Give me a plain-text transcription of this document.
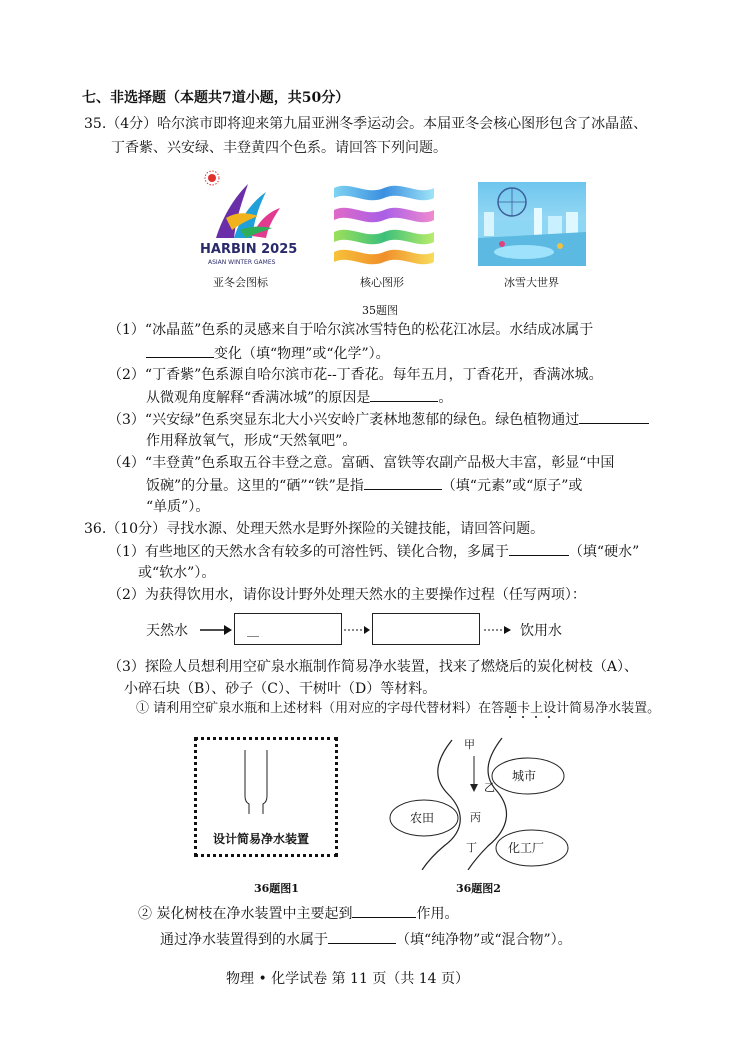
七、非选择题（本题共7道小题，共50分）
35.（4分）哈尔滨市即将迎来第九届亚洲冬季运动会。本届亚冬会核心图形包含了冰晶蓝、
丁香紫、兴安绿、丰登黄四个色系。请回答下列问题。
HARBIN 2025
ASIAN WINTER GAMES
亚冬会图标	核心图形	冰雪大世界
35题图
（1）“冰晶蓝”色系的灵感来自于哈尔滨冰雪特色的松花江冰层。水结成冰属于
变化（填“物理”或“化学”）。
（2）“丁香紫”色系源自哈尔滨市花--丁香花。每年五月，丁香花开，香满冰城。
从微观角度解释“香满冰城”的原因是	。
（3）“兴安绿”色系突显东北大小兴安岭广袤林地葱郁的绿色。绿色植物通过
作用释放氧气，形成“天然氧吧”。
（4）“丰登黄”色系取五谷丰登之意。富硒、富铁等农副产品极大丰富，彰显“中国
饭碗”的分量。这里的“硒”“铁”是指	（填“元素”或“原子”或
“单质”）。
36.（10分）寻找水源、处理天然水是野外探险的关键技能，请回答问题。
（1）有些地区的天然水含有较多的可溶性钙、镁化合物，多属于	（填“硬水”
或“软水”）。
（2）为获得饮用水，请你设计野外处理天然水的主要操作过程（任写两项）：
天然水	饮用水
（3）探险人员想利用空矿泉水瓶制作简易净水装置，找来了燃烧后的炭化树枝（A）、
小碎石块（B）、砂子（C）、干树叶（D）等材料。
① 请利用空矿泉水瓶和上述材料（用对应的字母代替材料）在答题卡上设计简易净水装置。
设计简易净水装置
36题图1
甲
乙
丙
丁
城市
农田
化工厂
36题图2
② 炭化树枝在净水装置中主要起到	作用。
通过净水装置得到的水属于	（填“纯净物”或“混合物”）。
物理 • 化学试卷 第 11 页（共 14 页）
